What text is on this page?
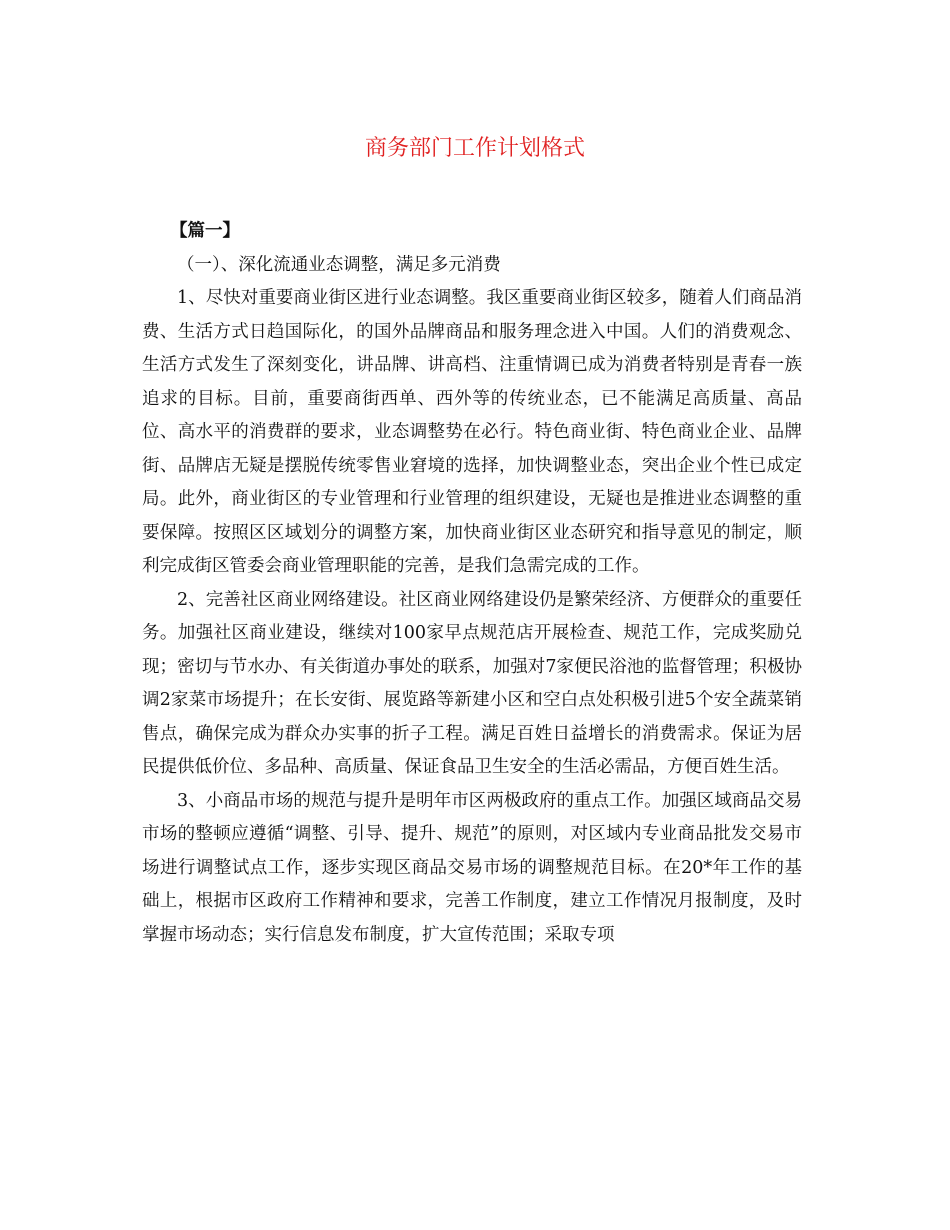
商务部门工作计划格式

【篇一】

（一）、深化流通业态调整，满足多元消费

1、尽快对重要商业街区进行业态调整。我区重要商业街区较多，随着人们商品消费、生活方式日趋国际化，的国外品牌商品和服务理念进入中国。人们的消费观念、生活方式发生了深刻变化，讲品牌、讲高档、注重情调已成为消费者特别是青春一族追求的目标。目前，重要商街西单、西外等的传统业态，已不能满足高质量、高品位、高水平的消费群的要求，业态调整势在必行。特色商业街、特色商业企业、品牌街、品牌店无疑是摆脱传统零售业窘境的选择，加快调整业态，突出企业个性已成定局。此外，商业街区的专业管理和行业管理的组织建设，无疑也是推进业态调整的重要保障。按照区区域划分的调整方案，加快商业街区业态研究和指导意见的制定，顺利完成街区管委会商业管理职能的完善，是我们急需完成的工作。

2、完善社区商业网络建设。社区商业网络建设仍是繁荣经济、方便群众的重要任务。加强社区商业建设，继续对100家早点规范店开展检查、规范工作，完成奖励兑现；密切与节水办、有关街道办事处的联系，加强对7家便民浴池的监督管理；积极协调2家菜市场提升；在长安街、展览路等新建小区和空白点处积极引进5个安全蔬菜销售点，确保完成为群众办实事的折子工程。满足百姓日益增长的消费需求。保证为居民提供低价位、多品种、高质量、保证食品卫生安全的生活必需品，方便百姓生活。

3、小商品市场的规范与提升是明年市区两极政府的重点工作。加强区域商品交易市场的整顿应遵循“调整、引导、提升、规范”的原则，对区域内专业商品批发交易市场进行调整试点工作，逐步实现区商品交易市场的调整规范目标。在20*年工作的基础上，根据市区政府工作精神和要求，完善工作制度，建立工作情况月报制度，及时掌握市场动态；实行信息发布制度，扩大宣传范围；采取专项
